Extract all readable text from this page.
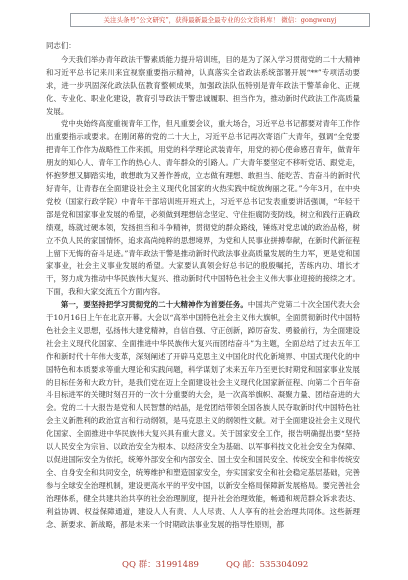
关注头条号“公文研究”，获得最新最全最专业的公文资料库！ 微信：gongwenyj

同志们：

今天我们举办青年政法干警素质能力提升培训班，目的是为了深入学习贯彻党的二十大精神和习近平总书记来川来宜视察重要指示精神，认真落实全省政法系统部署开展“**”专项活动要求，进一步巩固深化政法队伍教育整顿成果，加强政法队伍特别是青年政法干警革命化、正规化、专业化、职业化建设，教育引导政法干警忠诚履职、担当作为，推动新时代政法工作高质量发展。

党中央始终高度重视青年工作，但凡重要会议，重大场合，习近平总书记都要对青年工作作出重要指示或要求。在刚闭幕的党的二十大上，习近平总书记再次寄语广大青年，强调“全党要把青年工作作为战略性工作来抓，用党的科学理论武装青年，用党的初心使命感召青年，做青年朋友的知心人、青年工作的热心人、青年群众的引路人。广大青年要坚定不移听党话、跟党走，怀抱梦想又脚踏实地，敢想敢为又善作善成，立志做有理想、敢担当、能吃苦、肯奋斗的新时代好青年，让青春在全面建设社会主义现代化国家的火热实践中绽放绚丽之花。”今年3月，在中央党校（国家行政学院）中青年干部培训班开班式上，习近平总书记发表重要讲话强调，“年轻干部是党和国家事业发展的希望，必须做到理想信念坚定、守住拒腐防变防线，树立和践行正确政绩观，练就过硬本领，发扬担当和斗争精神，贯彻党的群众路线，锤炼对党忠诚的政治品格，树立不负人民的家国情怀，追求高尚纯粹的思想境界，为党和人民事业拼搏奉献，在新时代新征程上留下无悔的奋斗足迹。”青年政法干警是推动新时代政法事业高质量发展的生力军，更是党和国家事业，社会主义事业发展的希望。大家要认真领会好总书记的殷殷嘱托，苦练内功、增长才干，努力成为推动中华民族伟大复兴、推动新时代中国特色社会主义伟大事业迎接的接续之才。下面，我和大家交流五个方面内容。

第一，要坚持把学习贯彻党的二十大精神作为首要任务。中国共产党第二十次全国代表大会于10月16日上午在北京开幕。大会以“高举中国特色社会主义伟大旗帜，全面贯彻新时代中国特色社会主义思想，弘扬伟大建党精神，自信自强、守正创新，踔厉奋发、勇毅前行，为全面建设社会主义现代化国家、全面推进中华民族伟大复兴而团结奋斗”为主题，全面总结了过去五年工作和新时代十年伟大变革，深刻阐述了开辟马克思主义中国化时代化新境界、中国式现代化的中国特色和本质要求等重大理论和实践问题，科学谋划了未来五年乃至更长时期党和国家事业发展的目标任务和大政方针，是我们党在迈上全面建设社会主义现代化国家新征程、向第二个百年奋斗目标进军的关键时刻召开的一次十分重要的大会，是一次高举旗帜、凝聚力量、团结奋进的大会。党的二十大报告是党和人民智慧的结晶，是党团结带领全国各族人民夺取新时代中国特色社会主义新胜利的政治宣言和行动纲领，是马克思主义的纲领性文献。对于全面建设社会主义现代化国家、全面推进中华民族伟大复兴具有重大意义。关于国家安全工作，报告明确提出要“坚持以人民安全为宗旨、以政治安全为根本、以经济安全为基础、以军事科技文化社会安全为保障、以促进国际安全为依托，统筹外部安全和内部安全、国土安全和国民安全、传统安全和非传统安全、自身安全和共同安全，统筹维护和塑造国家安全，夯实国家安全和社会稳定基层基础，完善参与全球安全治理机制，建设更高水平的平安中国，以新安全格局保障新发展格局。要完善社会治理体系，健全共建共治共享的社会治理制度，提升社会治理效能，畅通和规范群众诉求表达、利益协调、权益保障通道，建设人人有责、人人尽责、人人享有的社会治理共同体。这些新理念、新要求、新战略，都是未来一个时期政法事业发展的指导性原则，都

QQ 群：31991489	QQ 邮：535304092
